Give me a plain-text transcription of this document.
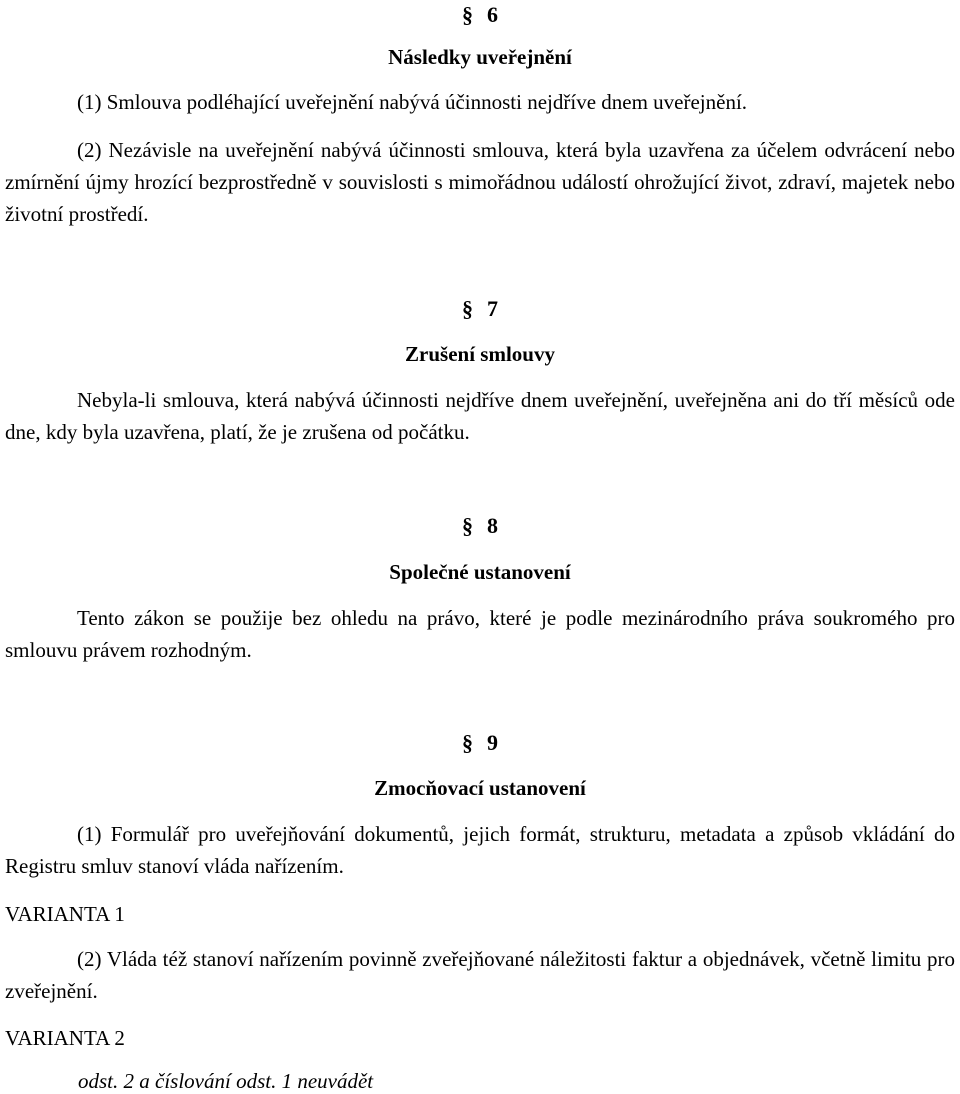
§ 6
Následky uveřejnění

(1) Smlouva podléhající uveřejnění nabývá účinnosti nejdříve dnem uveřejnění.

(2) Nezávisle na uveřejnění nabývá účinnosti smlouva, která byla uzavřena za účelem odvrácení nebo zmírnění újmy hrozící bezprostředně v souvislosti s mimořádnou událostí ohrožující život, zdraví, majetek nebo životní prostředí.

§ 7
Zrušení smlouvy

Nebyla-li smlouva, která nabývá účinnosti nejdříve dnem uveřejnění, uveřejněna ani do tří měsíců ode dne, kdy byla uzavřena, platí, že je zrušena od počátku.

§ 8
Společné ustanovení

Tento zákon se použije bez ohledu na právo, které je podle mezinárodního práva soukromého pro smlouvu právem rozhodným.

§ 9
Zmocňovací ustanovení

(1) Formulář pro uveřejňování dokumentů, jejich formát, strukturu, metadata a způsob vkládání do Registru smluv stanoví vláda nařízením.

VARIANTA 1

(2) Vláda též stanoví nařízením povinně zveřejňované náležitosti faktur a objednávek, včetně limitu pro zveřejnění.

VARIANTA 2
odst. 2 a číslování odst. 1 neuvádět
